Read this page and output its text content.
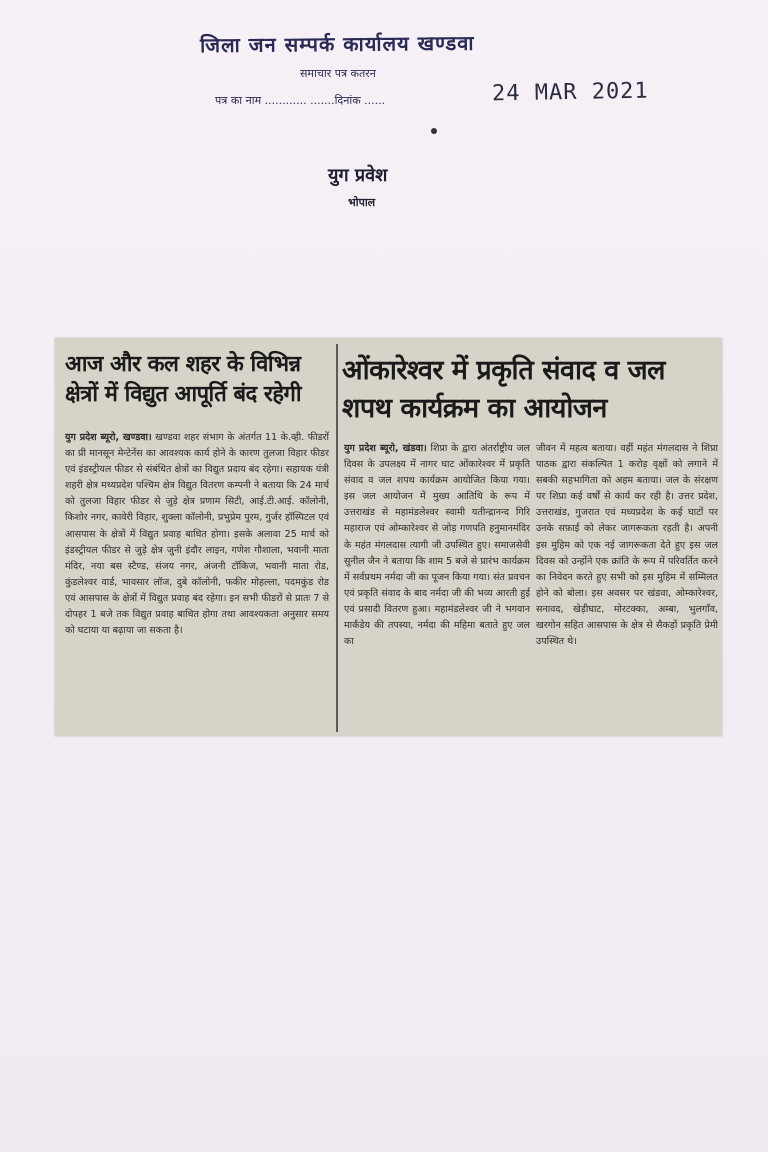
जिला जन सम्पर्क कार्यालय खण्डवा
समाचार पत्र कतरन
पत्र का नाम ............ .......दिनांक ......	24 MAR 2021
युग प्रवेश
भोपाल
आज और कल शहर के विभिन्न क्षेत्रों में विद्युत आपूर्ति बंद रहेगी
युग प्रदेश ब्यूरो, खण्डवा। खण्डवा शहर संभाग के अंतर्गत 11 के.व्ही. फीडरों का प्री मानसून मेन्टेनेंस का आवश्यक कार्य होने के कारण तुलजा विहार फीडर एवं इंडस्ट्रीयल फीडर से संबंधित क्षेत्रों का विद्युत प्रदाय बंद रहेगा। सहायक यंत्री शहरी क्षेत्र मध्यप्रदेश पश्चिम क्षेत्र विद्युत वितरण कम्पनी ने बताया कि 24 मार्च को तुलजा विहार फीडर से जुड़े क्षेत्र प्रणाम सिटी, आई.टी.आई. कॉलोनी, किशोर नगर, कावेरी विहार, शुक्ला कॉलोनी, प्रभुप्रेम पुरम, गुर्जर हॉस्पिटल एवं आसपास के क्षेत्रों में विद्युत प्रवाह बाधित होगा। इसके अलावा 25 मार्च को इंडस्ट्रीयल फीडर से जुड़े क्षेत्र जुनी इंदौर लाइन, गणेश गौशाला, भवानी माता मंदिर, नया बस स्टैण्ड, संजय नगर, अंजनी टॉकिज, भवानी माता रोड, कुंडलेश्वर वार्ड, भावसार लॉज, दुबे कॉलोनी, फकीर मोहल्ला, पदमकुंड रोड एवं आसपास के क्षेत्रों में विद्युत प्रवाह बंद रहेगा। इन सभी फीडरों से प्रातः 7 से दोपहर 1 बजे तक विद्युत प्रवाह बाधित होगा तथा आवश्यकता अनुसार समय को घटाया या बढ़ाया जा सकता है।
ओंकारेश्वर में प्रकृति संवाद व जल शपथ कार्यक्रम का आयोजन
युग प्रदेश ब्यूरो, खंडवा। शिप्रा के द्वारा अंतर्राष्ट्रीय जल दिवस के उपलक्ष्य में नागर घाट ओंकारेश्वर में प्रकृति संवाद व जल शपथ कार्यक्रम आयोजित किया गया। इस जल आयोजन में मुख्य आतिथि के रूप में उत्तराखंड से महामंडलेश्वर स्वामी यतीन्द्रानन्द गिरि महाराज एवं ओम्कारेश्वर से जोड़ गणपति हनुमानमंदिर के महंत मंगलदास त्यागी जी उपस्थित हुए। समाजसेवी सुनील जैन ने बताया कि शाम 5 बजे से प्रारंभ कार्यक्रम में सर्वप्रथम नर्मदा जी का पूजन किया गया। संत प्रवचन एवं प्रकृति संवाद के बाद नर्मदा जी की भव्य आरती हुई एवं प्रसादी वितरण हुआ। महामंडलेश्वर जी ने भगवान मार्कंडेय की तपस्या, नर्मदा की महिमा बताते हुए जल का
जीवन में महत्व बताया। वहीं महंत मंगलदास ने शिप्रा पाठक द्वारा संकल्पित 1 करोड़ वृक्षों को लगाने में सबकी सहभागिता को अहम बताया। जल के संरक्षण पर शिप्रा कई वर्षों से कार्य कर रही है। उत्तर प्रदेश, उत्तराखंड, गुजरात एवं मध्यप्रदेश के कई घाटों पर उनके सफ़ाई को लेकर जागरूकता रहती है। अपनी इस मुहिम को एक नई जागरूकता देते हुए इस जल दिवस को उन्होंने एक क्रांति के रूप में परिवर्तित करने का निवेदन करते हुए सभी को इस मुहिम में सम्मिलत होने को बोला। इस अवसर पर खंडवा, ओम्कारेश्वर, सनावद, खेड़ीघाट, मोरटक्का, अम्बा, भुलगाँव, खरगोन सहित आसपास के क्षेत्र से सैकड़ों प्रकृति प्रेमी उपस्थित थे।
